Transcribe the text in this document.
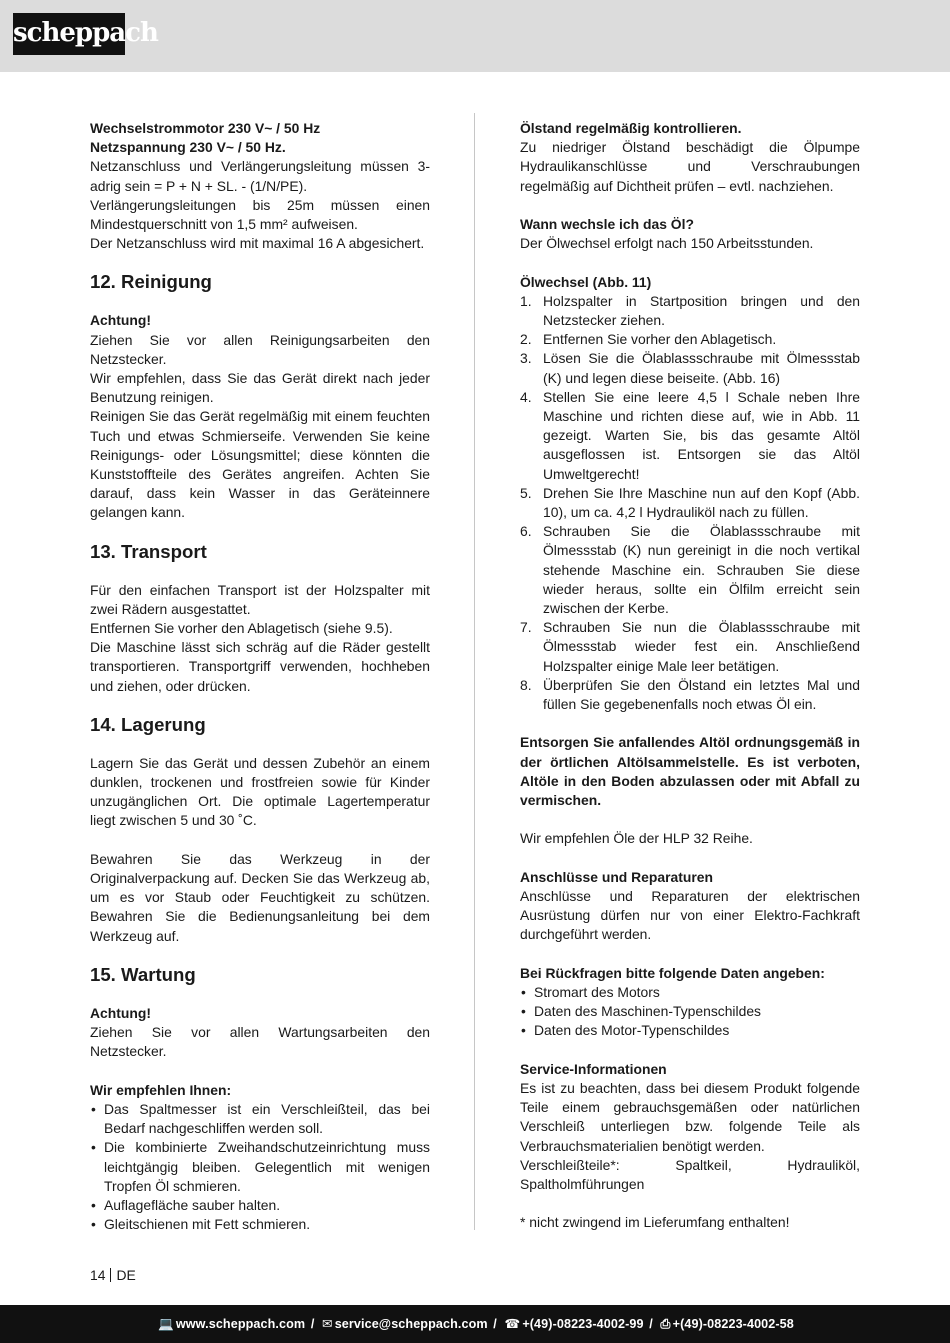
scheppach

Wechselstrommotor 230 V~ / 50 Hz

Netzspannung 230 V~ / 50 Hz.

Netzanschluss und Verlängerungsleitung müssen 3-adrig sein = P + N + SL. - (1/N/PE).

Verlängerungsleitungen bis 25m müssen einen Mindestquerschnitt von 1,5 mm² aufweisen.

Der Netzanschluss wird mit maximal 16 A abgesichert.

12. Reinigung

Achtung!

Ziehen Sie vor allen Reinigungsarbeiten den Netzstecker.

Wir empfehlen, dass Sie das Gerät direkt nach jeder Benutzung reinigen.

Reinigen Sie das Gerät regelmäßig mit einem feuchten Tuch und etwas Schmierseife. Verwenden Sie keine Reinigungs- oder Lösungsmittel; diese könnten die Kunststoffteile des Gerätes angreifen. Achten Sie darauf, dass kein Wasser in das Geräteinnere gelangen kann.

13. Transport

Für den einfachen Transport ist der Holzspalter mit zwei Rädern ausgestattet.

Entfernen Sie vorher den Ablagetisch (siehe 9.5).

Die Maschine lässt sich schräg auf die Räder gestellt transportieren. Transportgriff verwenden, hochheben und ziehen, oder drücken.

14. Lagerung

Lagern Sie das Gerät und dessen Zubehör an einem dunklen, trockenen und frostfreien sowie für Kinder unzugänglichen Ort. Die optimale Lagertemperatur liegt zwischen 5 und 30 ˚C.

Bewahren Sie das Werkzeug in der Originalverpackung auf. Decken Sie das Werkzeug ab, um es vor Staub oder Feuchtigkeit zu schützen. Bewahren Sie die Bedienungsanleitung bei dem Werkzeug auf.

15. Wartung

Achtung!

Ziehen Sie vor allen Wartungsarbeiten den Netzstecker.

Wir empfehlen Ihnen:

• Das Spaltmesser ist ein Verschleißteil, das bei Bedarf nachgeschliffen werden soll.
• Die kombinierte Zweihandschutzeinrichtung muss leichtgängig bleiben. Gelegentlich mit wenigen Tropfen Öl schmieren.
• Auflagefläche sauber halten.
• Gleitschienen mit Fett schmieren.

Ölstand regelmäßig kontrollieren.

Zu niedriger Ölstand beschädigt die Ölpumpe Hydraulikanschlüsse und Verschraubungen regelmäßig auf Dichtheit prüfen – evtl. nachziehen.

Wann wechsle ich das Öl?

Der Ölwechsel erfolgt nach 150 Arbeitsstunden.

Ölwechsel (Abb. 11)

1. Holzspalter in Startposition bringen und den Netzstecker ziehen.
2. Entfernen Sie vorher den Ablagetisch.
3. Lösen Sie die Ölablassschraube mit Ölmessstab (K) und legen diese beiseite. (Abb. 16)
4. Stellen Sie eine leere 4,5 l Schale neben Ihre Maschine und richten diese auf, wie in Abb. 11 gezeigt. Warten Sie, bis das gesamte Altöl ausgeflossen ist. Entsorgen sie das Altöl Umweltgerecht!
5. Drehen Sie Ihre Maschine nun auf den Kopf (Abb. 10), um ca. 4,2 l Hydrauliköl nach zu füllen.
6. Schrauben Sie die Ölablassschraube mit Ölmessstab (K) nun gereinigt in die noch vertikal stehende Maschine ein. Schrauben Sie diese wieder heraus, sollte ein Ölfilm erreicht sein zwischen der Kerbe.
7. Schrauben Sie nun die Ölablassschraube mit Ölmessstab wieder fest ein. Anschließend Holzspalter einige Male leer betätigen.
8. Überprüfen Sie den Ölstand ein letztes Mal und füllen Sie gegebenenfalls noch etwas Öl ein.

Entsorgen Sie anfallendes Altöl ordnungsgemäß in der örtlichen Altölsammelstelle. Es ist verboten, Altöle in den Boden abzulassen oder mit Abfall zu vermischen.

Wir empfehlen Öle der HLP 32 Reihe.

Anschlüsse und Reparaturen

Anschlüsse und Reparaturen der elektrischen Ausrüstung dürfen nur von einer Elektro-Fachkraft durchgeführt werden.

Bei Rückfragen bitte folgende Daten angeben:

• Stromart des Motors
• Daten des Maschinen-Typenschildes
• Daten des Motor-Typenschildes

Service-Informationen

Es ist zu beachten, dass bei diesem Produkt folgende Teile einem gebrauchsgemäßen oder natürlichen Verschleiß unterliegen bzw. folgende Teile als Verbrauchsmaterialien benötigt werden.

Verschleißteile*: Spaltkeil, Hydrauliköl, Spaltholmführungen

* nicht zwingend im Lieferumfang enthalten!

14 DE
💻 www.scheppach.com / ✉ service@scheppach.com / ☎ +(49)-08223-4002-99 / ⎙ +(49)-08223-4002-58
